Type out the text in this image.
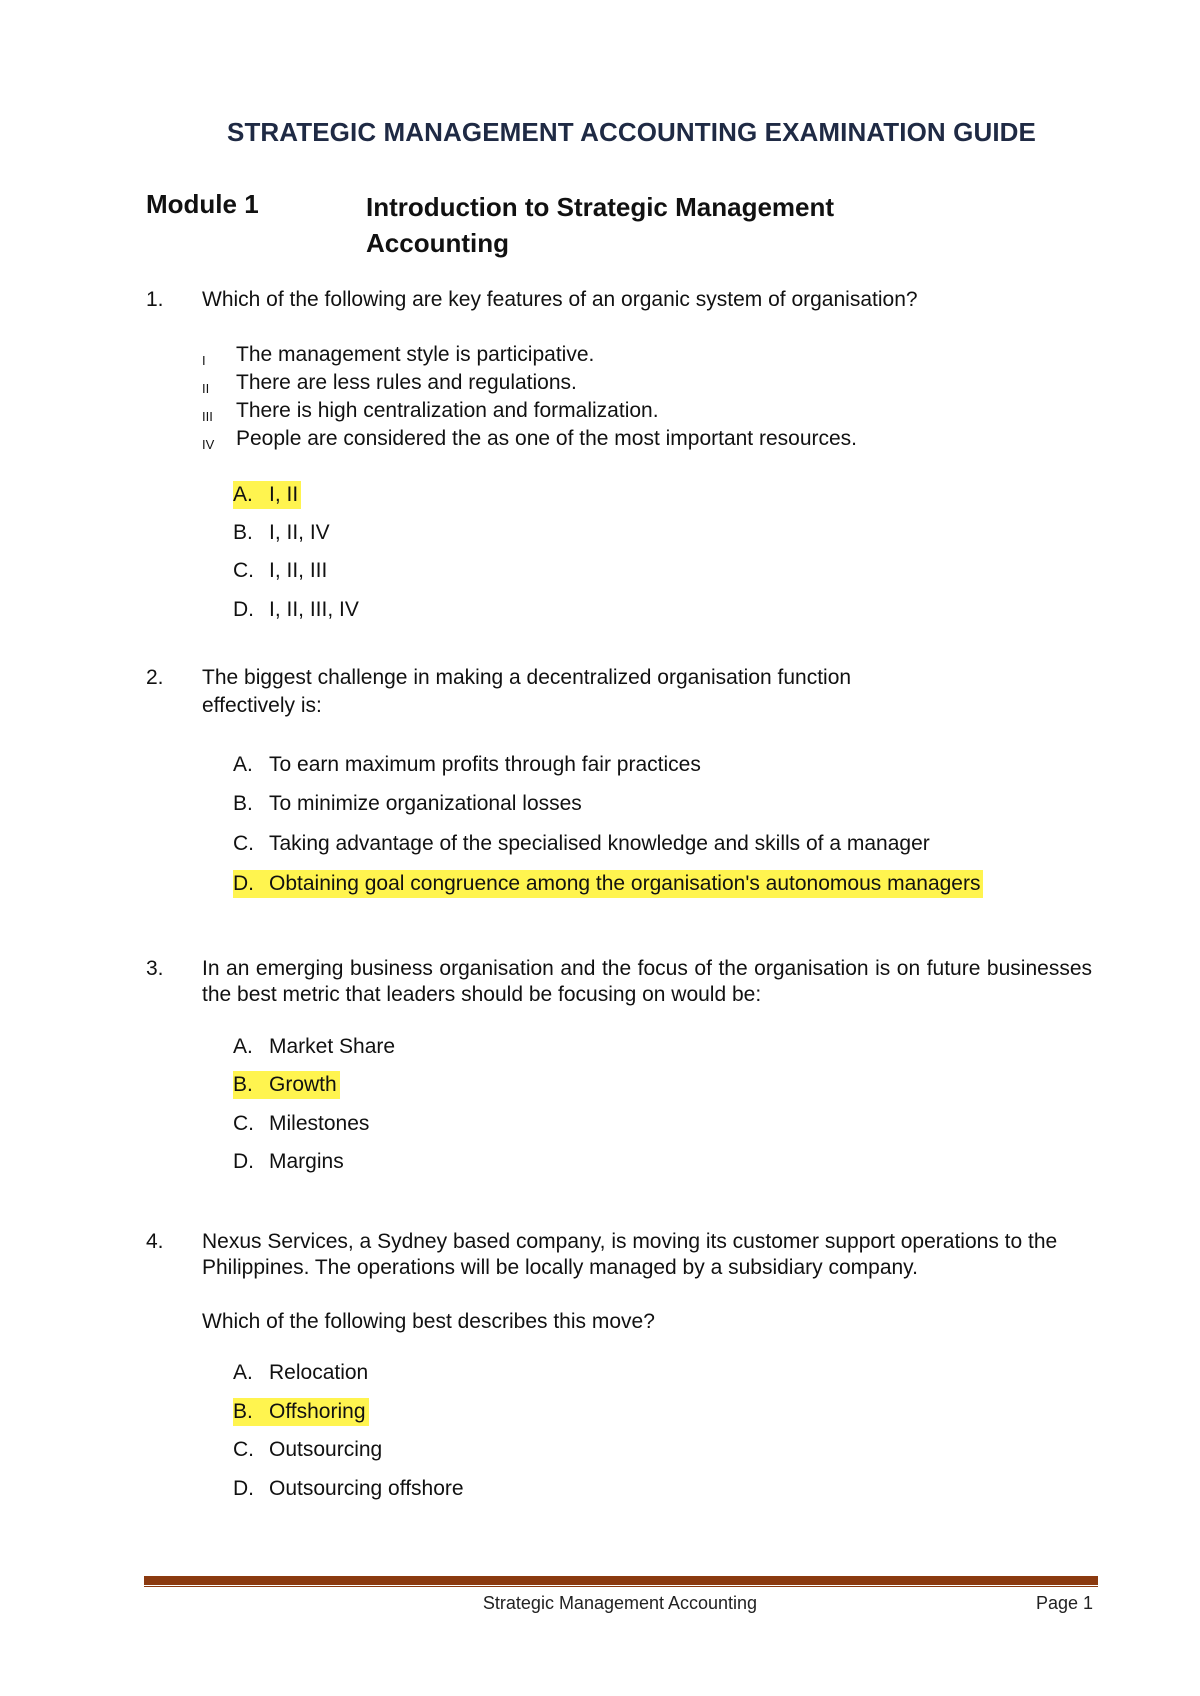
STRATEGIC MANAGEMENT ACCOUNTING EXAMINATION GUIDE
Module 1	Introduction to Strategic Management Accounting
1. Which of the following are key features of an organic system of organisation?
I The management style is participative.
II There are less rules and regulations.
III There is high centralization and formalization.
IV People are considered the as one of the most important resources.
A. I, II
B. I, II, IV
C. I, II, III
D. I, II, III, IV
2. The biggest challenge in making a decentralized organisation function
effectively is:
A. To earn maximum profits through fair practices
B. To minimize organizational losses
C. Taking advantage of the specialised knowledge and skills of a manager
D. Obtaining goal congruence among the organisation's autonomous managers
3. In an emerging business organisation and the focus of the organisation is on future businesses the best metric that leaders should be focusing on would be:
A. Market Share
B. Growth
C. Milestones
D. Margins
4. Nexus Services, a Sydney based company, is moving its customer support operations to the Philippines. The operations will be locally managed by a subsidiary company.
Which of the following best describes this move?
A. Relocation
B. Offshoring
C. Outsourcing
D. Outsourcing offshore
Strategic Management Accounting	Page 1
